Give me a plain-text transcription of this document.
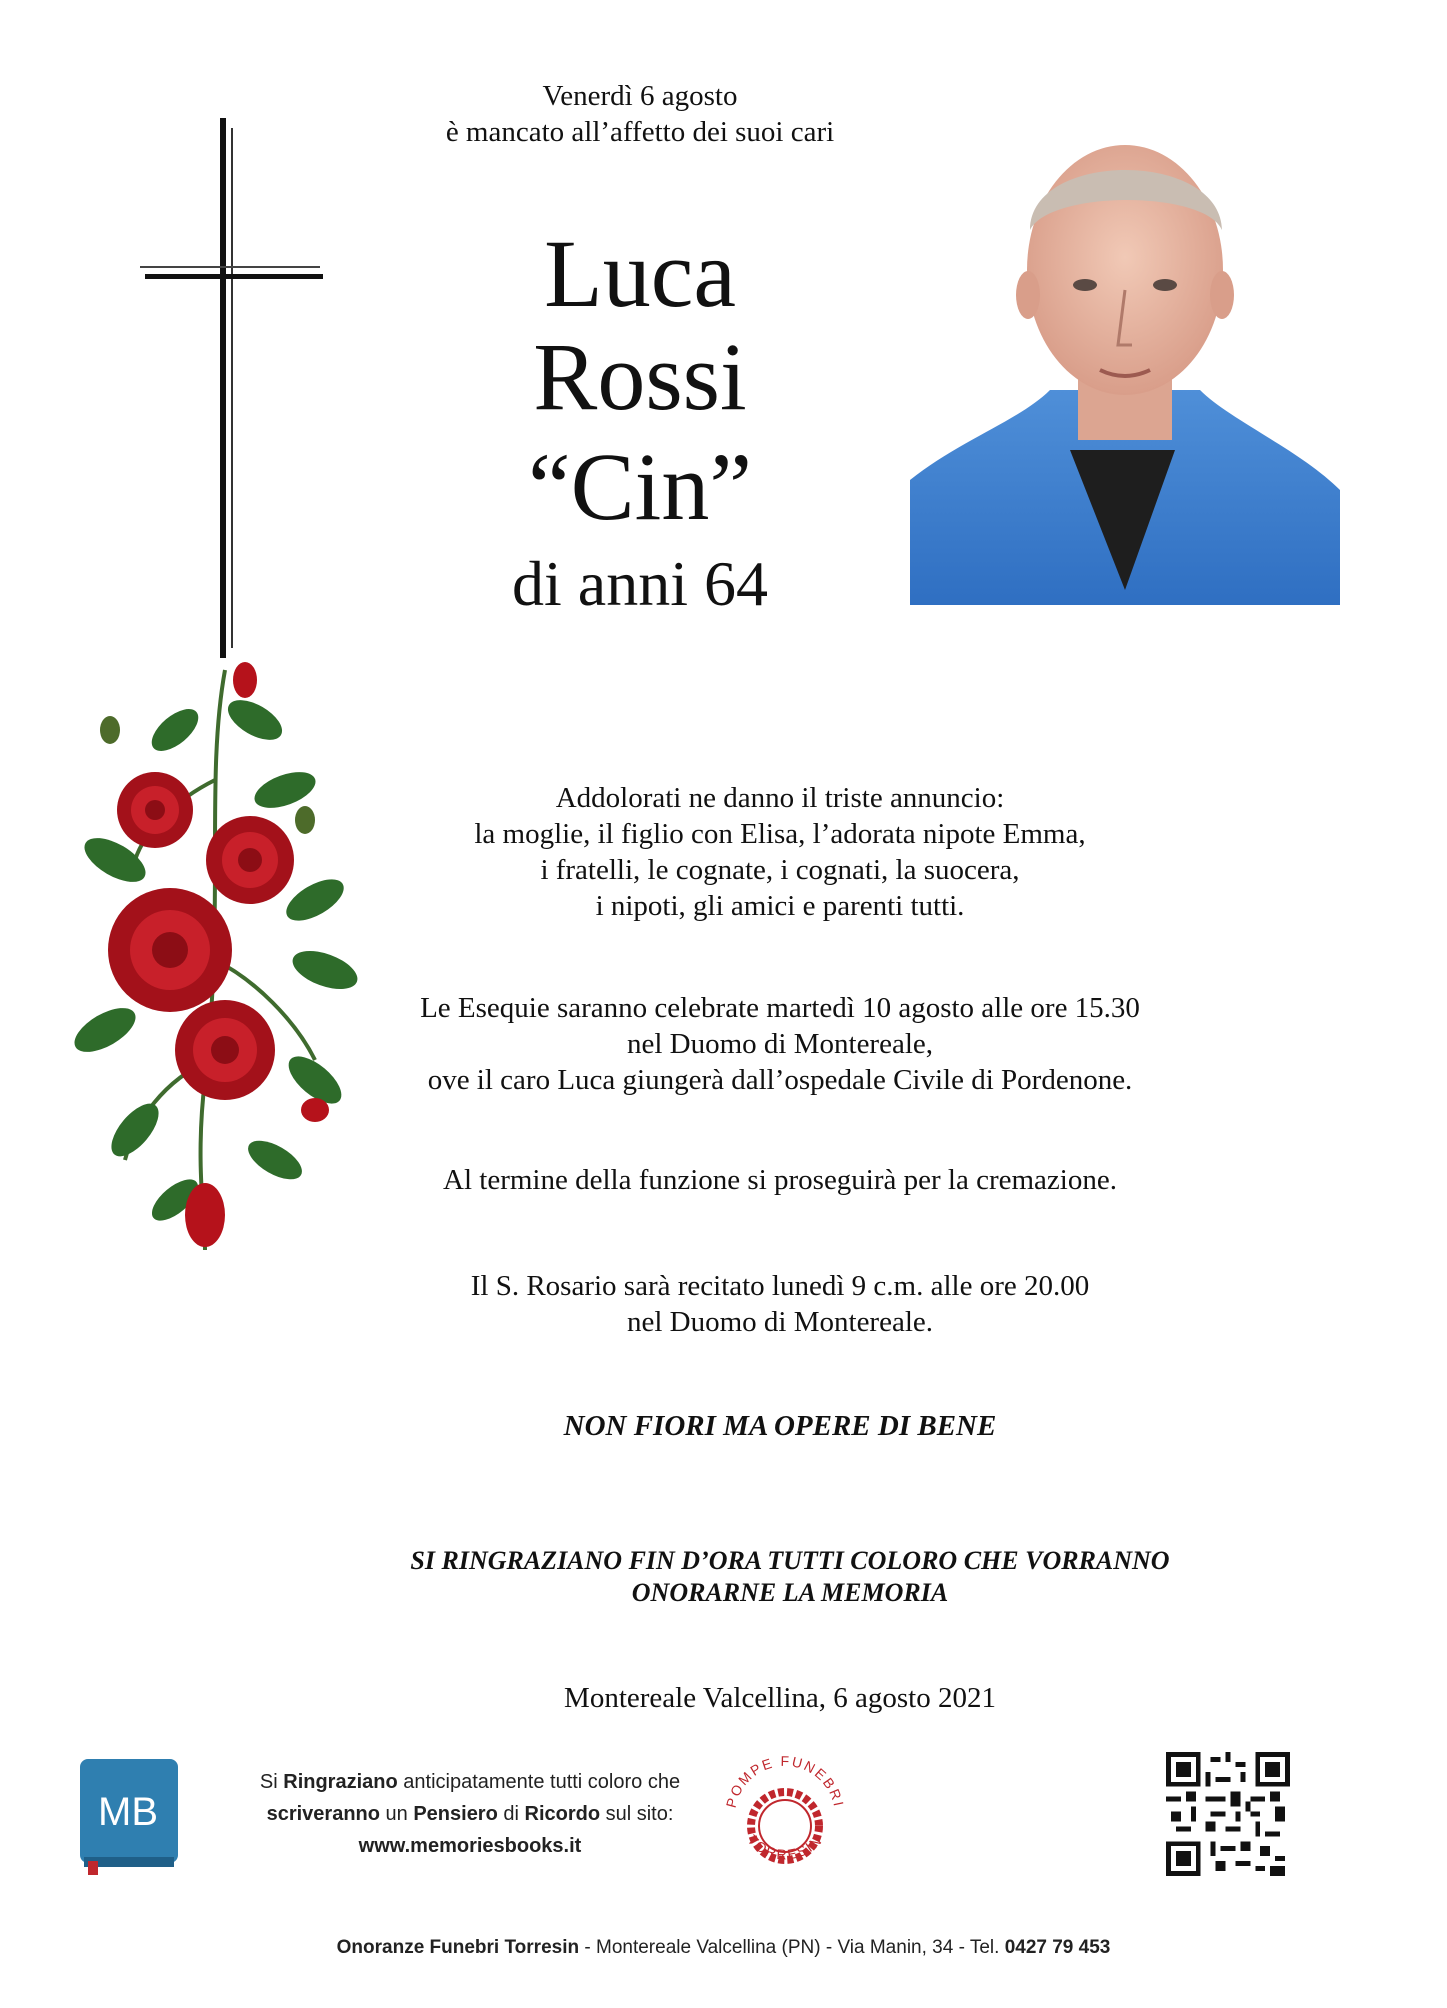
Venerdì 6 agosto
è mancato all’affetto dei suoi cari
Luca
Rossi
“Cin”
di anni 64
Addolorati ne danno il triste annuncio:
la moglie, il figlio con Elisa, l’adorata nipote Emma,
i fratelli, le cognate, i cognati, la suocera,
i nipoti, gli amici e parenti tutti.
Le Esequie saranno celebrate martedì 10 agosto alle ore 15.30
nel Duomo di Montereale,
ove il caro Luca giungerà dall’ospedale Civile di Pordenone.
Al termine della funzione si proseguirà per la cremazione.
Il S. Rosario sarà recitato lunedì 9 c.m. alle ore 20.00
nel Duomo di Montereale.
NON FIORI MA OPERE DI BENE
SI RINGRAZIANO FIN D’ORA TUTTI COLORO CHE VORRANNO
ONORARNE LA MEMORIA
Montereale Valcellina, 6 agosto 2021
MB
Si Ringraziano anticipatamente tutti coloro che
scriveranno un Pensiero di Ricordo sul sito:
www.memoriesbooks.it
POMPE FUNEBRI
TORRESIN
Onoranze Funebri Torresin - Montereale Valcellina (PN) - Via Manin, 34 - Tel. 0427 79 453
